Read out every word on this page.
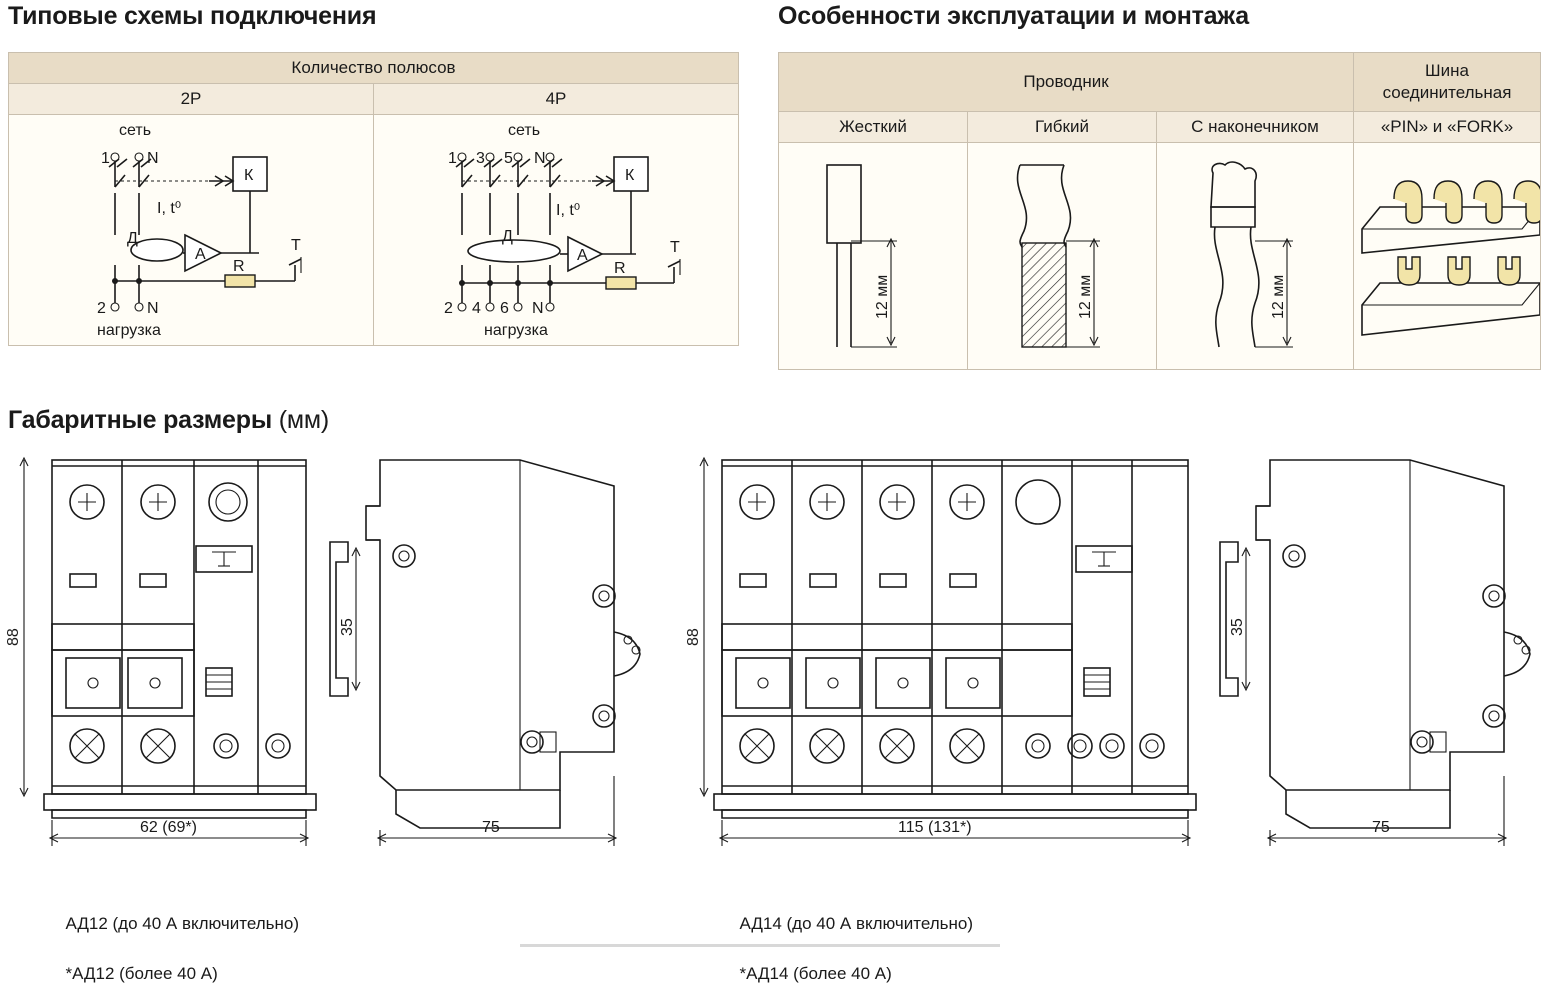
Типовые схемы подключения
Количество полюсов	
2P	4P

сеть
1 N
К
I, t⁰
Д
А
R
Т
2	N
нагрузка

сеть
1 3 5 N
К
I, t⁰
Д
А
R
Т
2 4 6 N
нагрузка
Особенности эксплуатации и монтажа
Проводник			Шина
соединительная
Жесткий	Гибкий	С наконечником	«PIN» и «FORK»

12 мм	12 мм	12 мм

Габаритные размеры (мм)
88
62 (69*)
35
75

АД12 (до 40 А включительно)

*АД12 (более 40 А)

88
115 (131*)
35
75

АД14 (до 40 А включительно)

*АД14 (более 40 А)
